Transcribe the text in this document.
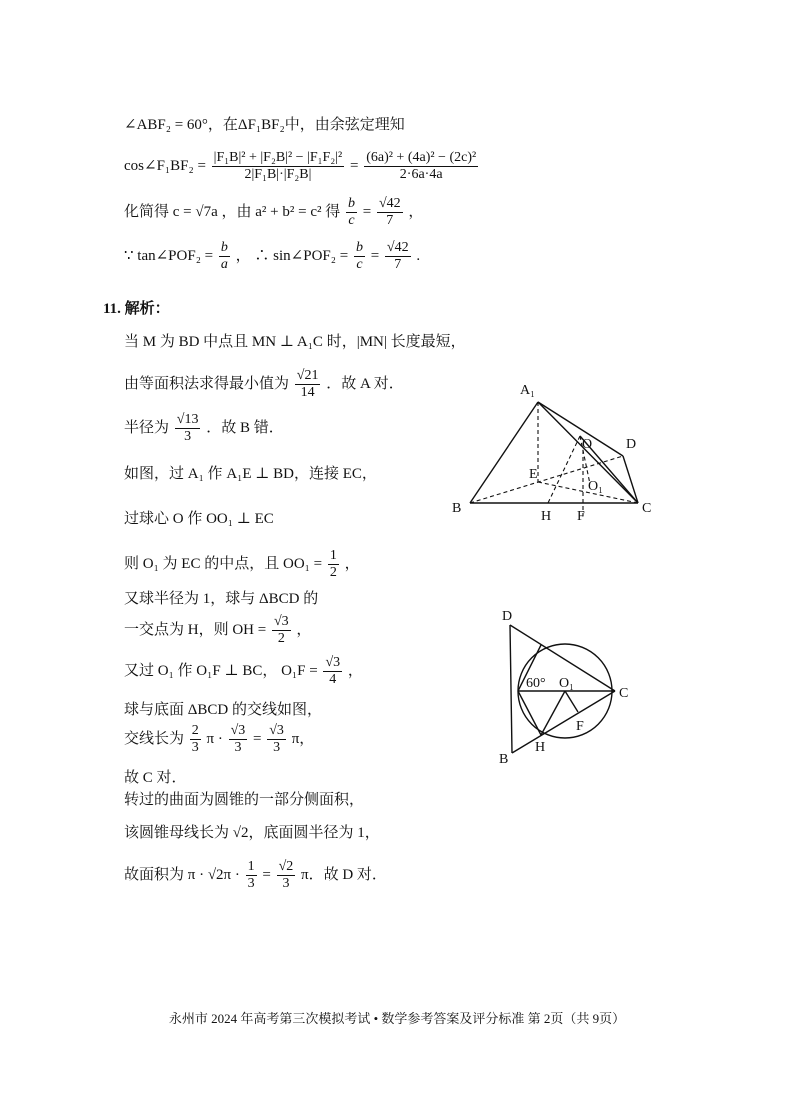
∠ABF₂ = 60°，在ΔF₁BF₂中，由余弦定理知
cos∠F₁BF₂ = $\frac{\text{|F₁B|² + |F₂B|² − |F₁F₂|²}}{\text{2|F₁B|·|F₂B|}} = \frac{\text{(6a)² + (4a)² − (2c)²}}{2\cdot 6a\cdot 4a}$
化简得 c = √7a ，由 a² + b² = c² 得 $\frac{b}{c} = \frac{√42}{7}$ ，
∵ tan∠POF₂ = $\frac{b}{a}$ ， ∴ sin∠POF₂ = $\frac{b}{c} = \frac{√42}{7}$ .
11. 解析：
当 M 为 BD 中点且 MN ⊥ A₁C 时，|MN| 长度最短，
由等面积法求得最小值为 $\frac{√21}{14}$ ．故 A 对．
半径为 $\frac{√13}{3}$ ．故 B 错．
如图，过 A₁ 作 A₁E ⊥ BD，连接 EC，
过球心 O 作 OO₁ ⊥ EC
则 O₁ 为 EC 的中点，且 $OO_1 = \frac{1}{2}$ ，
又球半径为 1，球与 ΔBCD 的
一交点为 H，则 OH = $\frac{√3}{2}$ ，
又过 O₁ 作 O₁F ⊥ BC， $O_1F = \frac{√3}{4}$ ，
球与底面 ΔBCD 的交线如图，
交线长为 $\frac{2}{3}$ $\pi \cdot \frac{√3}{3} = \frac{√3}{3}$ π，
故 C 对．
转过的曲面为圆锥的一部分侧面积，
该圆锥母线长为 √2，底面圆半径为 1，
故面积为 $\pi \cdot √2\pi \cdot \frac{1}{3} = \frac{√2}{3}$ π．故 D 对．
A₁
O D
E
O₁
B
H F
C
D
60° O₁
C
F
H
B
永州市 2024 年高考第三次模拟考试 • 数学参考答案及评分标准 第 2页（共 9页）
